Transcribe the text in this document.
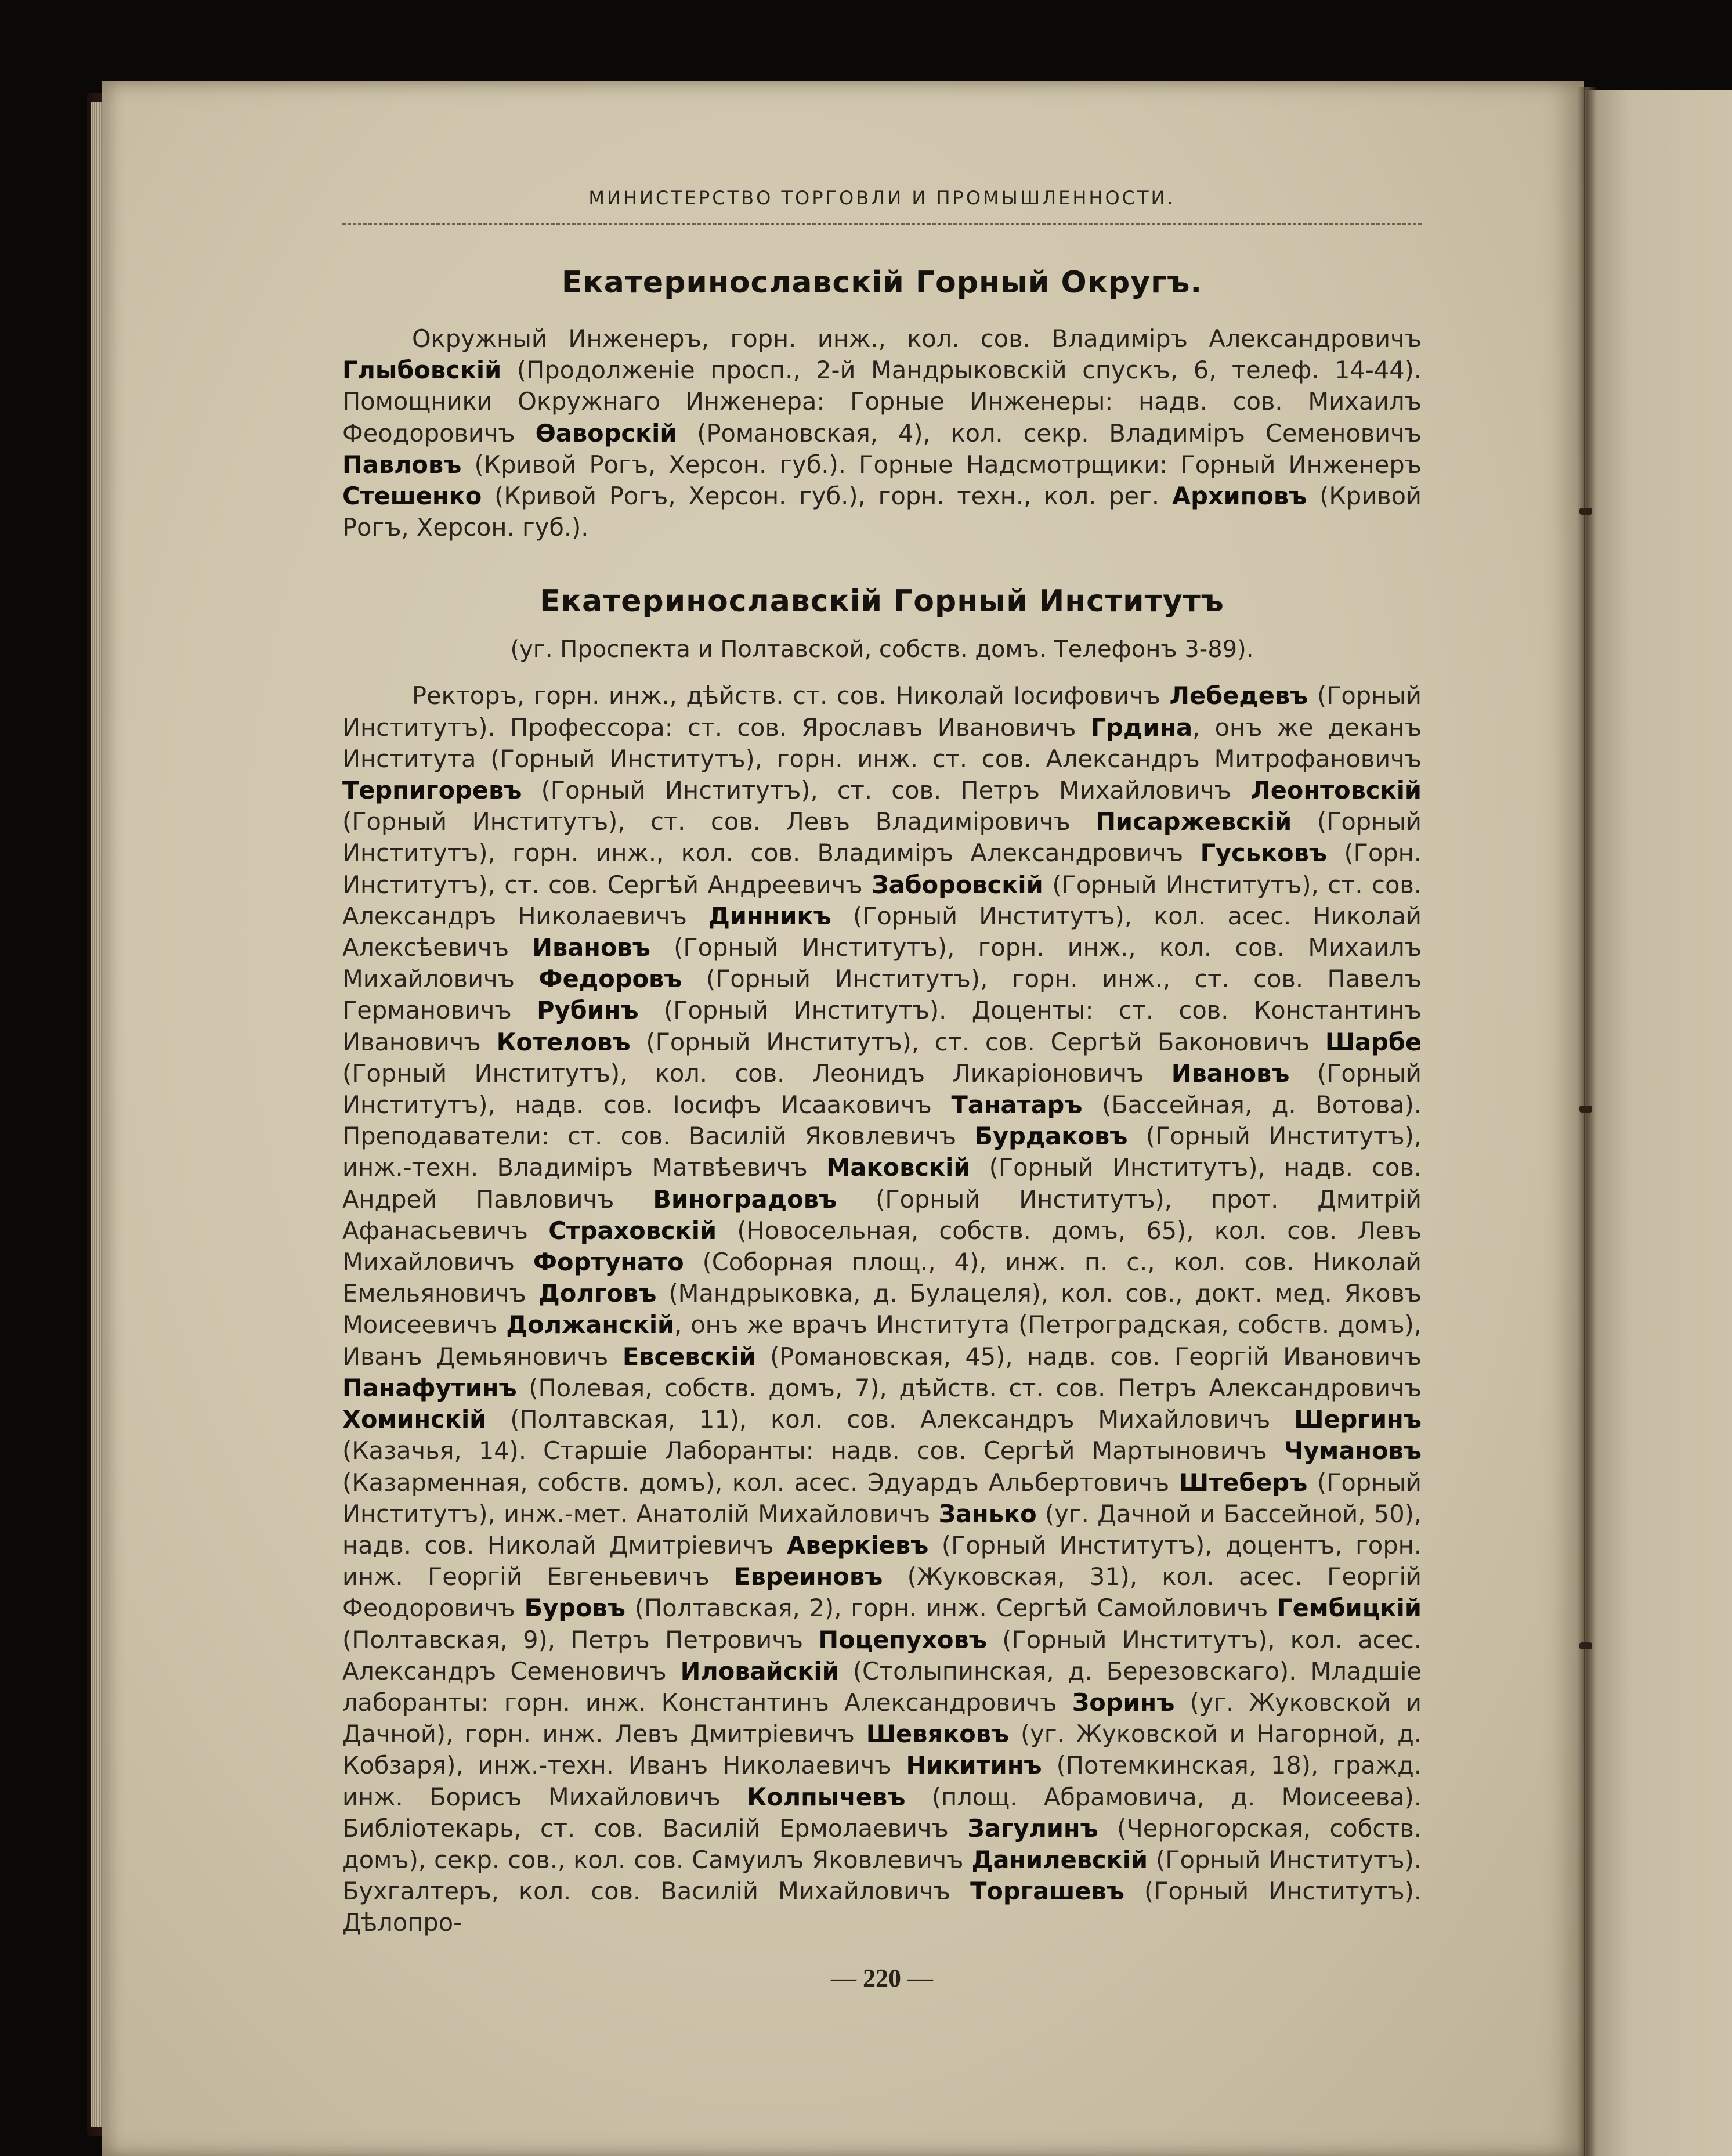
МИНИСТЕРСТВО ТОРГОВЛИ И ПРОМЫШЛЕННОСТИ.
Екатеринославскій Горный Округъ.

Окружный Инженеръ, горн. инж., кол. сов. Владиміръ Александровичъ Глыбовскій (Продолженіе просп., 2-й Мандрыковскій спускъ, 6, телеф. 14-44). Помощники Окружнаго Инженера: Горные Инженеры: надв. сов. Михаилъ Феодоровичъ Өаворскій (Романовская, 4), кол. секр. Владиміръ Семеновичъ Павловъ (Кривой Рогъ, Херсон. губ.). Горные Надсмотрщики: Горный Инженеръ Стешенко (Кривой Рогъ, Херсон. губ.), горн. техн., кол. рег. Архиповъ (Кривой Рогъ, Херсон. губ.).

Екатеринославскій Горный Институтъ
(уг. Проспекта и Полтавской, собств. домъ. Телефонъ 3-89).

Ректоръ, горн. инж., дѣйств. ст. сов. Николай Іосифовичъ Лебедевъ (Горный Институтъ). Профессора: ст. сов. Ярославъ Ивановичъ Грдина, онъ же деканъ Института (Горный Институтъ), горн. инж. ст. сов. Александръ Митрофановичъ Терпигоревъ (Горный Институтъ), ст. сов. Петръ Михайловичъ Леонтовскій (Горный Институтъ), ст. сов. Левъ Владиміровичъ Писаржевскій (Горный Институтъ), горн. инж., кол. сов. Владиміръ Александровичъ Гуськовъ (Горн. Институтъ), ст. сов. Сергѣй Андреевичъ Заборовскій (Горный Институтъ), ст. сов. Александръ Николаевичъ Динникъ (Горный Институтъ), кол. асес. Николай Алексѣевичъ Ивановъ (Горный Институтъ), горн. инж., кол. сов. Михаилъ Михайловичъ Федоровъ (Горный Институтъ), горн. инж., ст. сов. Павелъ Германовичъ Рубинъ (Горный Институтъ). Доценты: ст. сов. Константинъ Ивановичъ Котеловъ (Горный Институтъ), ст. сов. Сергѣй Баконовичъ Шарбе (Горный Институтъ), кол. сов. Леонидъ Ликаріоновичъ Ивановъ (Горный Институтъ), надв. сов. Іосифъ Исааковичъ Танатаръ (Бассейная, д. Вотова). Преподаватели: ст. сов. Василій Яковлевичъ Бурдаковъ (Горный Институтъ), инж.-техн. Владиміръ Матвѣевичъ Маковскій (Горный Институтъ), надв. сов. Андрей Павловичъ Виноградовъ (Горный Институтъ), прот. Дмитрій Афанасьевичъ Страховскій (Новосельная, собств. домъ, 65), кол. сов. Левъ Михайловичъ Фортунато (Соборная площ., 4), инж. п. с., кол. сов. Николай Емельяновичъ Долговъ (Мандрыковка, д. Булацеля), кол. сов., докт. мед. Яковъ Моисеевичъ Должанскій, онъ же врачъ Института (Петроградская, собств. домъ), Иванъ Демьяновичъ Евсевскій (Романовская, 45), надв. сов. Георгій Ивановичъ Панафутинъ (Полевая, собств. домъ, 7), дѣйств. ст. сов. Петръ Александровичъ Хоминскій (Полтавская, 11), кол. сов. Александръ Михайловичъ Шергинъ (Казачья, 14). Старшіе Лаборанты: надв. сов. Сергѣй Мартыновичъ Чумановъ (Казарменная, собств. домъ), кол. асес. Эдуардъ Альбертовичъ Штеберъ (Горный Институтъ), инж.-мет. Анатолій Михайловичъ Занько (уг. Дачной и Бассейной, 50), надв. сов. Николай Дмитріевичъ Аверкіевъ (Горный Институтъ), доцентъ, горн. инж. Георгій Евгеньевичъ Евреиновъ (Жуковская, 31), кол. асес. Георгій Феодоровичъ Буровъ (Полтавская, 2), горн. инж. Сергѣй Самойловичъ Гембицкій (Полтавская, 9), Петръ Петровичъ Поцепуховъ (Горный Институтъ), кол. асес. Александръ Семеновичъ Иловайскій (Столыпинская, д. Березовскаго). Младшіе лаборанты: горн. инж. Константинъ Александровичъ Зоринъ (уг. Жуковской и Дачной), горн. инж. Левъ Дмитріевичъ Шевяковъ (уг. Жуковской и Нагорной, д. Кобзаря), инж.-техн. Иванъ Николаевичъ Никитинъ (Потемкинская, 18), гражд. инж. Борисъ Михайловичъ Колпычевъ (площ. Абрамовича, д. Моисеева). Библіотекарь, ст. сов. Василій Ермолаевичъ Загулинъ (Черногорская, собств. домъ), секр. сов., кол. сов. Самуилъ Яковлевичъ Данилевскій (Горный Институтъ). Бухгалтеръ, кол. сов. Василій Михайловичъ Торгашевъ (Горный Институтъ). Дѣлопро-

— 220 —
